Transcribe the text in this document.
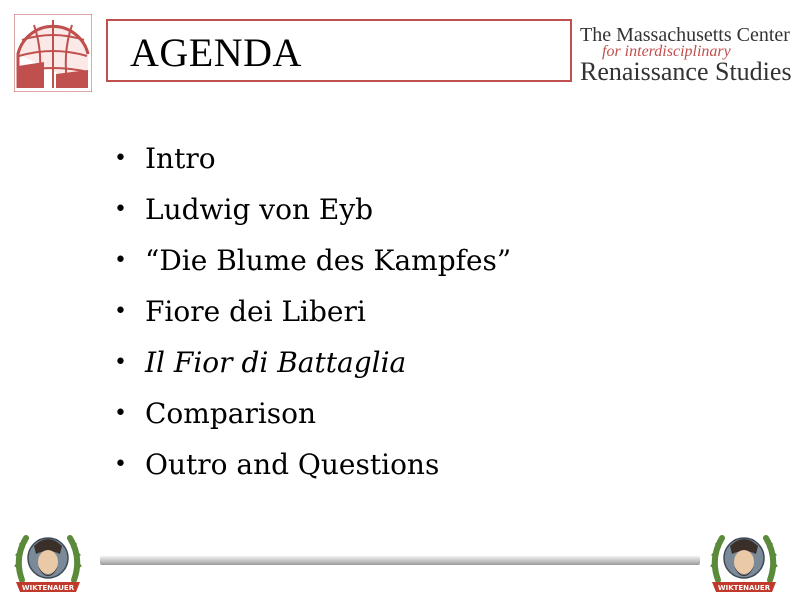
AGENDA	The Massachusetts Center
for interdisciplinary
Renaissance Studies
• Intro
• Ludwig von Eyb
• “Die Blume des Kampfes”
• Fiore dei Liberi
• Il Fior di Battaglia
• Comparison
• Outro and Questions
WIKTENAUER	WIKTENAUER
